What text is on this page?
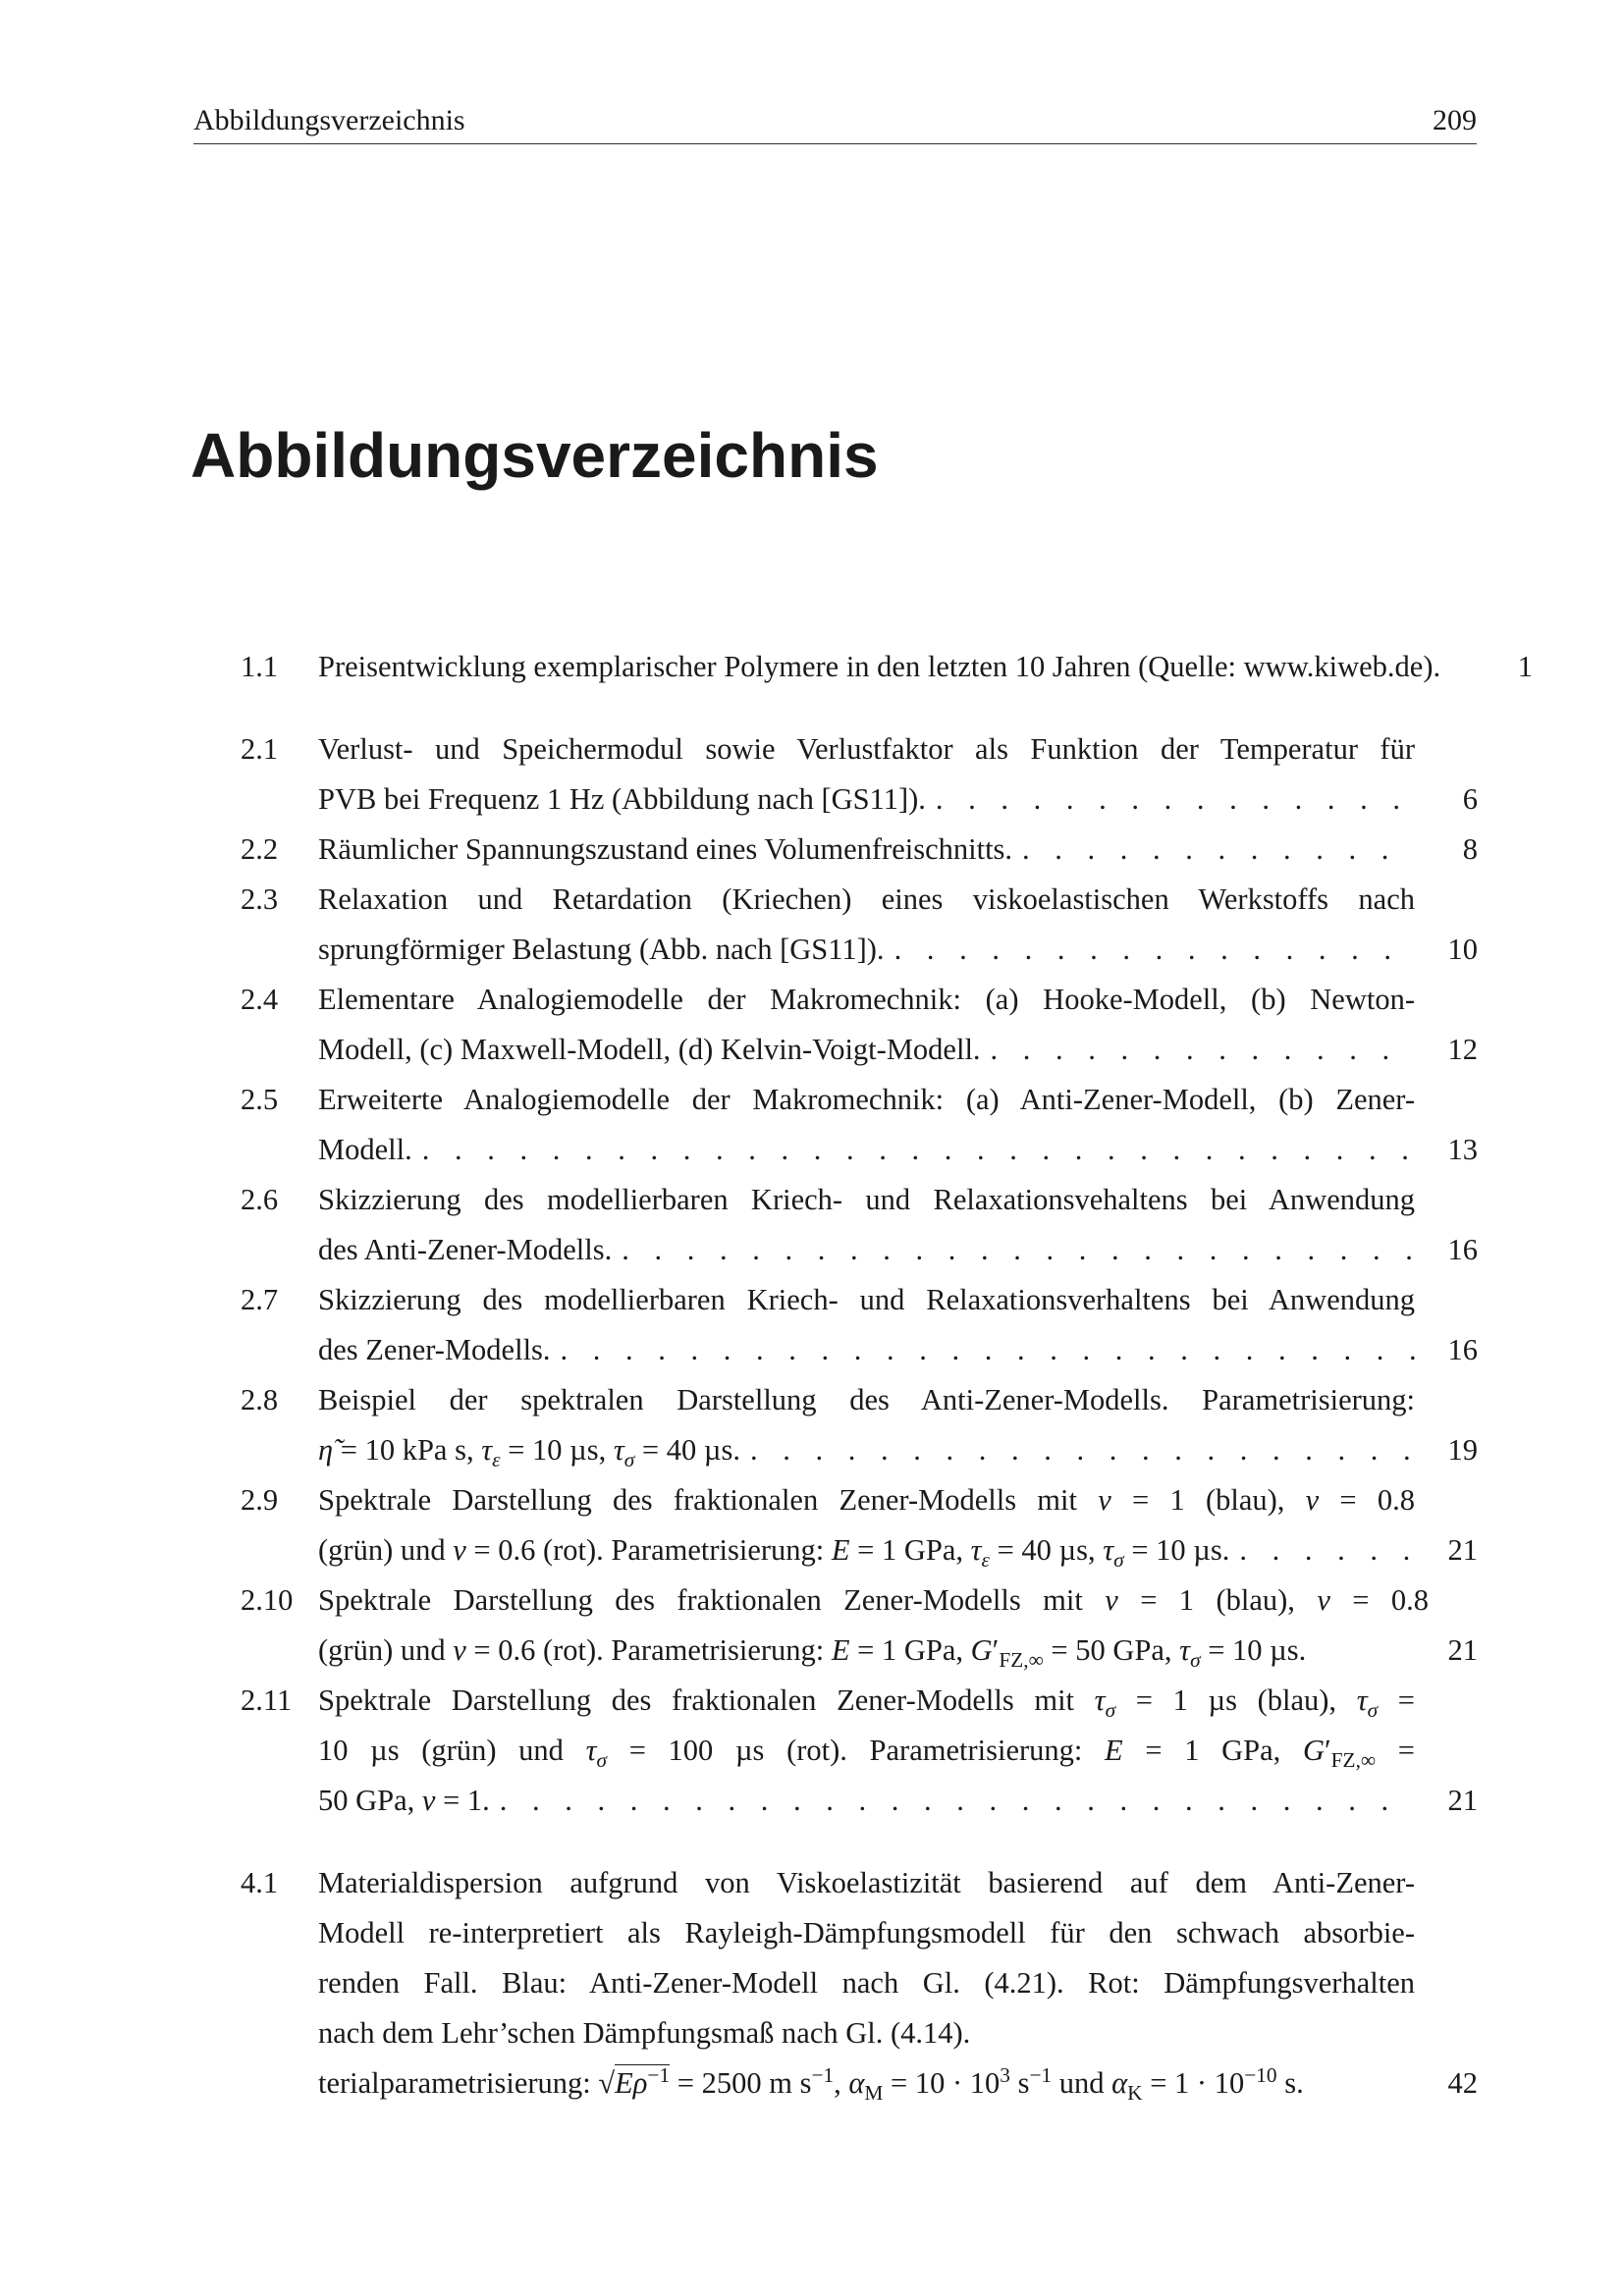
Abbildungsverzeichnis	209
Abbildungsverzeichnis
1.1 Preisentwicklung exemplarischer Polymere in den letzten 10 Jahren (Quelle: www.kiweb.de).	1
2.1 Verlust- und Speichermodul sowie Verlustfaktor als Funktion der Temperatur für
PVB bei Frequenz 1 Hz (Abbildung nach [GS11]). . . .	6
2.2 Räumlicher Spannungszustand eines Volumenfreischnitts. . . .	8
2.3 Relaxation und Retardation (Kriechen) eines viskoelastischen Werkstoffs nach
sprungförmiger Belastung (Abb. nach [GS11]). . . .	10
2.4 Elementare Analogiemodelle der Makromechnik: (a) Hooke-Modell, (b) Newton-
Modell, (c) Maxwell-Modell, (d) Kelvin-Voigt-Modell. . . .	12
2.5 Erweiterte Analogiemodelle der Makromechnik: (a) Anti-Zener-Modell, (b) Zener-
Modell. . . .	13
2.6 Skizzierung des modellierbaren Kriech- und Relaxationsvehaltens bei Anwendung
des Anti-Zener-Modells. . . .	16
2.7 Skizzierung des modellierbaren Kriech- und Relaxationsverhaltens bei Anwendung
des Zener-Modells. . . .	16
2.8 Beispiel der spektralen Darstellung des Anti-Zener-Modells. Parametrisierung:
η̃ = 10 kPa s, $\tau_\varepsilon = 10$ µs, $\tau_\sigma = 40$ µs. . . .	19
2.9 Spektrale Darstellung des fraktionalen Zener-Modells mit ν = 1 (blau), ν = 0.8
(grün) und ν = 0.6 (rot). Parametrisierung: E = 1 GPa, $\tau_\varepsilon = 40$ µs, $\tau_\sigma = 10$ µs. . . .	21
2.10 Spektrale Darstellung des fraktionalen Zener-Modells mit ν = 1 (blau), ν = 0.8
(grün) und ν = 0.6 (rot). Parametrisierung: E = 1 GPa, $G'_{FZ,\infty} = 50$ GPa, $\tau_\sigma = 10$ µs.	21
2.11 Spektrale Darstellung des fraktionalen Zener-Modells mit $\tau_\sigma = 1$ µs (blau), $\tau_\sigma$ =
10 µs (grün) und $\tau_\sigma = 100$ µs (rot). Parametrisierung: E = 1 GPa, $G'_{FZ,\infty}$ =
50 GPa, ν = 1. . . .	21
4.1 Materialdispersion aufgrund von Viskoelastizität basierend auf dem Anti-Zener-
Modell re-interpretiert als Rayleigh-Dämpfungsmodell für den schwach absorbie-
renden Fall. Blau: Anti-Zener-Modell nach Gl. (4.21). Rot: Dämpfungsverhalten
nach dem Lehr’schen Dämpfungsmaß nach Gl. (4.14).
terialparametrisierung: $√E\rho^{-1} = 2500$ m $s^{-1}$, $\alpha_M = 10 \cdot 10^3$ $s^{-1}$ und $\alpha_K = 1 \cdot 10^{-10}$ s.	42
